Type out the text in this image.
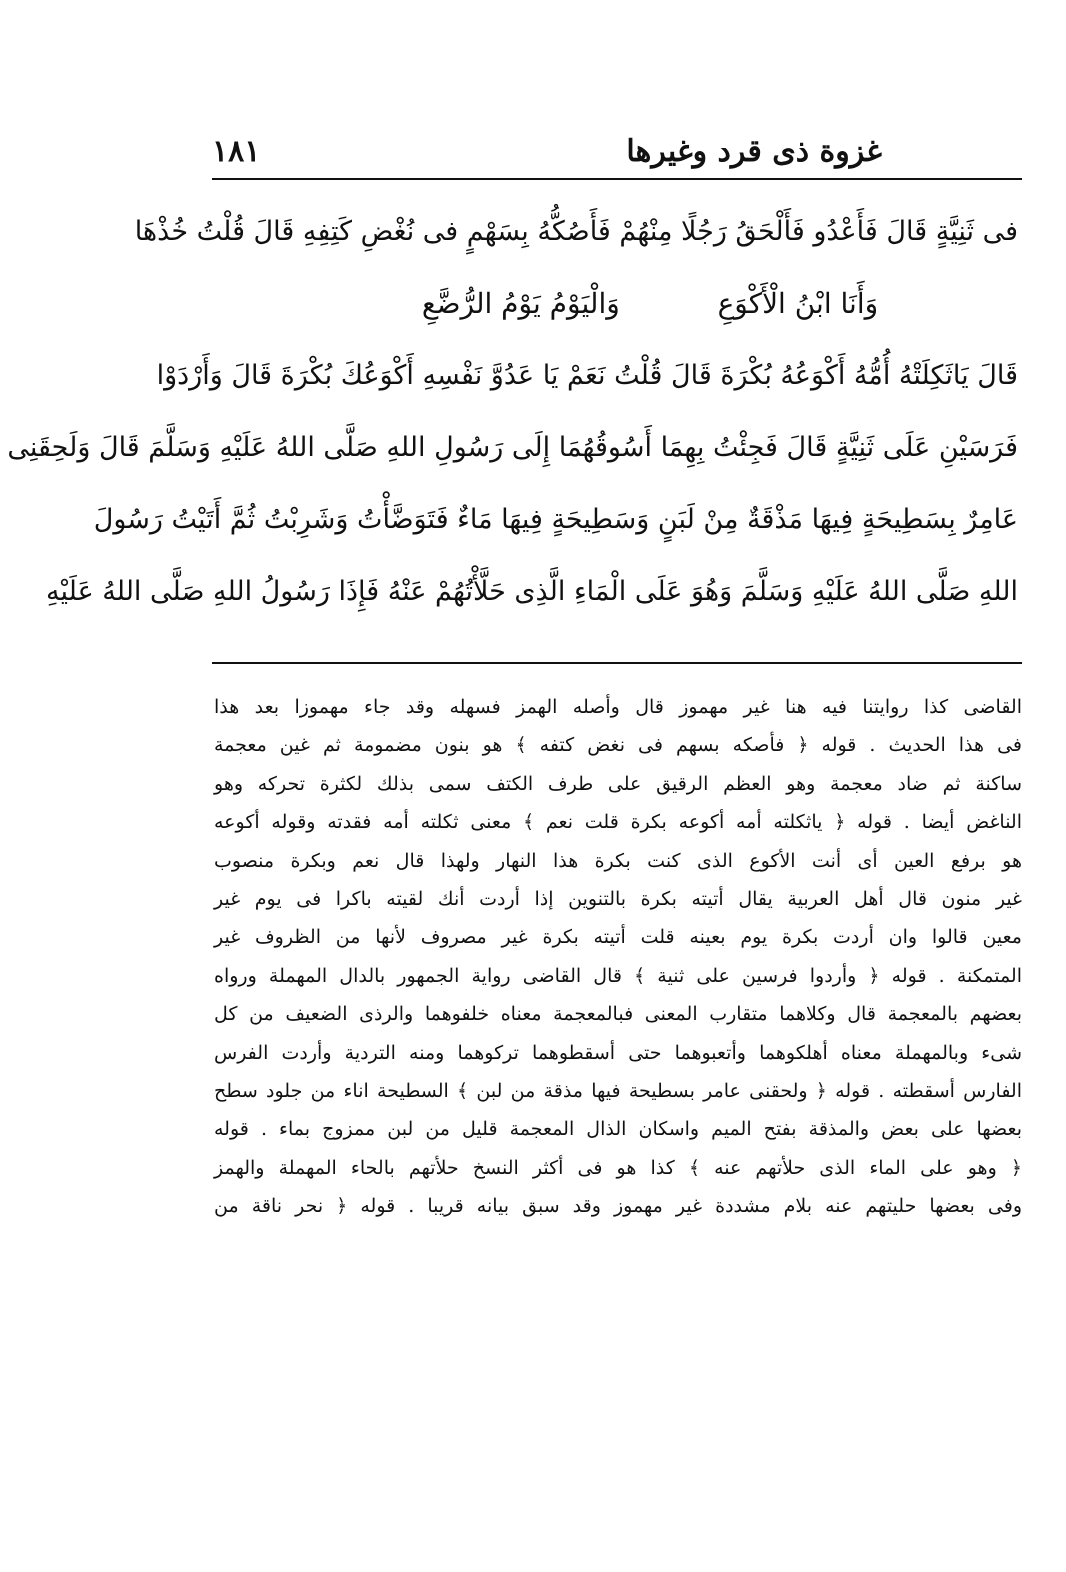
غزوة ذى قرد وغيرها
١٨١
فى ثَنِيَّةٍ قَالَ فَأَعْدُو فَأَلْحَقُ رَجُلًا مِنْهُمْ فَأَصُكُّهُ بِسَهْمٍ فى نُغْضِ كَتِفِهِ قَالَ قُلْتُ خُذْهَا
وَأَنَا ابْنُ الْأَكْوَعِ  وَالْيَوْمُ يَوْمُ الرُّضَّعِ
قَالَ يَاثَكِلَتْهُ أُمُّهُ أَكْوَعُهُ بُكْرَةَ قَالَ قُلْتُ نَعَمْ يَا عَدُوَّ نَفْسِهِ أَكْوَعُكَ بُكْرَةَ قَالَ وَأَرْدَوْا
فَرَسَيْنِ عَلَى ثَنِيَّةٍ قَالَ فَجِئْتُ بِهِمَا أَسُوقُهُمَا إِلَى رَسُولِ اللهِ صَلَّى اللهُ عَلَيْهِ وَسَلَّمَ قَالَ وَلَحِقَنِى
عَامِرٌ بِسَطِيحَةٍ فِيهَا مَذْقَةٌ مِنْ لَبَنٍ وَسَطِيحَةٍ فِيهَا مَاءٌ فَتَوَضَّأْتُ وَشَرِبْتُ ثُمَّ أَتَيْتُ رَسُولَ
اللهِ صَلَّى اللهُ عَلَيْهِ وَسَلَّمَ وَهُوَ عَلَى الْمَاءِ الَّذِى حَلَّأْتُهُمْ عَنْهُ فَإِذَا رَسُولُ اللهِ صَلَّى اللهُ عَلَيْهِ
القاضى كذا روايتنا فيه هنا غير مهموز قال وأصله الهمز فسهله وقد جاء مهموزا بعد هذا
فى هذا الحديث . قوله ﴿ فأصكه بسهم فى نغض كتفه ﴾ هو بنون مضمومة ثم غين معجمة
ساكنة ثم ضاد معجمة وهو العظم الرقيق على طرف الكتف سمى بذلك لكثرة تحركه وهو
الناغض أيضا . قوله ﴿ ياثكلته أمه أكوعه بكرة قلت نعم ﴾ معنى ثكلته أمه فقدته وقوله أكوعه
هو برفع العين أى أنت الأكوع الذى كنت بكرة هذا النهار ولهذا قال نعم وبكرة منصوب
غير منون قال أهل العربية يقال أتيته بكرة بالتنوين إذا أردت أنك لقيته باكرا فى يوم غير
معين قالوا وان أردت بكرة يوم بعينه قلت أتيته بكرة غير مصروف لأنها من الظروف غير
المتمكنة . قوله ﴿ وأردوا فرسين على ثنية ﴾ قال القاضى رواية الجمهور بالدال المهملة ورواه
بعضهم بالمعجمة قال وكلاهما متقارب المعنى فبالمعجمة معناه خلفوهما والرذى الضعيف من كل
شىء وبالمهملة معناه أهلكوهما وأتعبوهما حتى أسقطوهما تركوهما ومنه التردية وأردت الفرس
الفارس أسقطته . قوله ﴿ ولحقنى عامر بسطيحة فيها مذقة من لبن ﴾ السطيحة اناء من جلود سطح
بعضها على بعض والمذقة بفتح الميم واسكان الذال المعجمة قليل من لبن ممزوج بماء . قوله
﴿ وهو على الماء الذى حلأتهم عنه ﴾ كذا هو فى أكثر النسخ حلأتهم بالحاء المهملة والهمز
وفى بعضها حليتهم عنه بلام مشددة غير مهموز وقد سبق بيانه قريبا . قوله ﴿ نحر ناقة من
